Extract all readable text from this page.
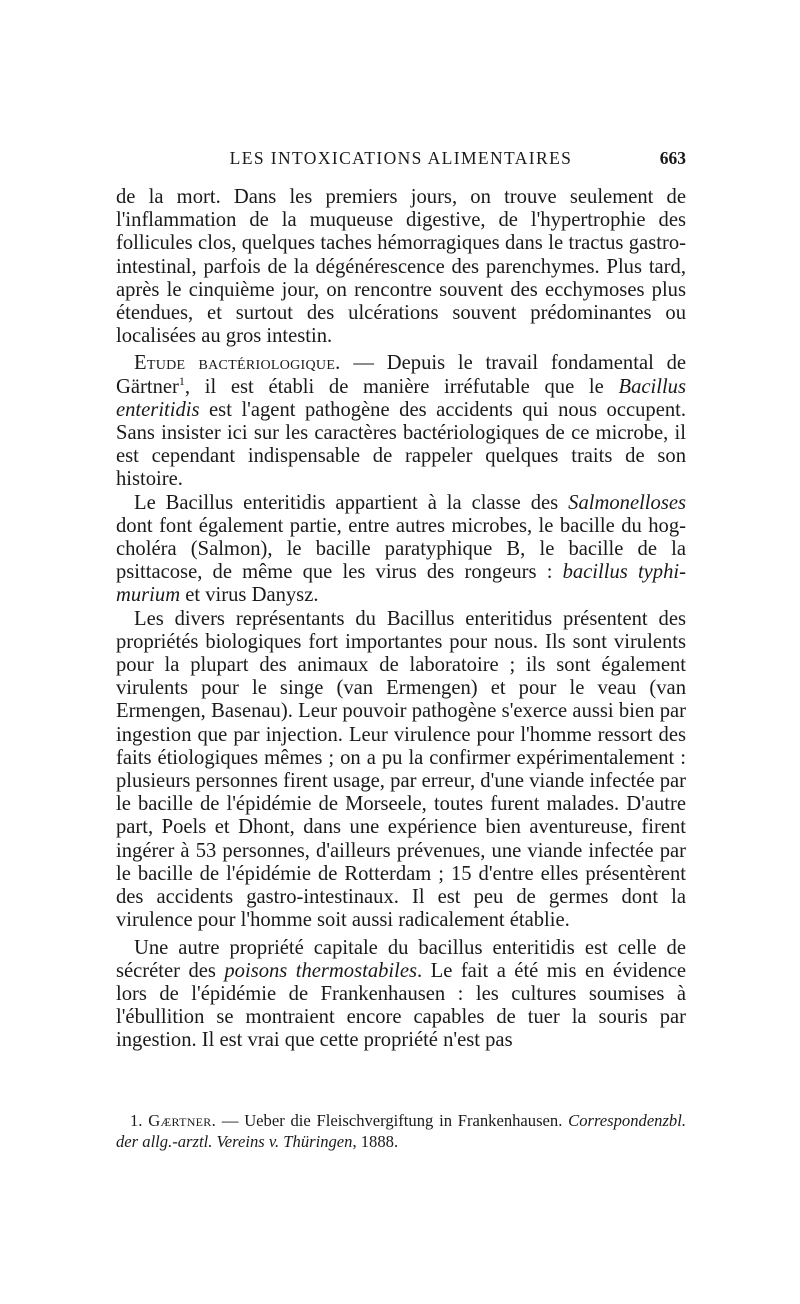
LES INTOXICATIONS ALIMENTAIRES	663

de la mort. Dans les premiers jours, on trouve seulement de l'inflammation de la muqueuse digestive, de l'hypertrophie des follicules clos, quelques taches hémorragiques dans le tractus gastro-intestinal, parfois de la dégénérescence des parenchymes. Plus tard, après le cinquième jour, on rencontre souvent des ecchymoses plus étendues, et surtout des ulcérations souvent prédominantes ou localisées au gros intestin.

Etude bactériologique. — Depuis le travail fondamental de Gärtner$^1$, il est établi de manière irréfutable que le Bacillus enteritidis est l'agent pathogène des accidents qui nous occupent. Sans insister ici sur les caractères bactériologiques de ce microbe, il est cependant indispensable de rappeler quelques traits de son histoire.

Le Bacillus enteritidis appartient à la classe des Salmonelloses dont font également partie, entre autres microbes, le bacille du hog-choléra (Salmon), le bacille paratyphique B, le bacille de la psittacose, de même que les virus des rongeurs : bacillus typhi-murium et virus Danysz.

Les divers représentants du Bacillus enteritidus présentent des propriétés biologiques fort importantes pour nous. Ils sont virulents pour la plupart des animaux de laboratoire ; ils sont également virulents pour le singe (van Ermengen) et pour le veau (van Ermengen, Basenau). Leur pouvoir pathogène s'exerce aussi bien par ingestion que par injection. Leur virulence pour l'homme ressort des faits étiologiques mêmes ; on a pu la confirmer expérimentalement : plusieurs personnes firent usage, par erreur, d'une viande infectée par le bacille de l'épidémie de Morseele, toutes furent malades. D'autre part, Poels et Dhont, dans une expérience bien aventureuse, firent ingérer à 53 personnes, d'ailleurs prévenues, une viande infectée par le bacille de l'épidémie de Rotterdam ; 15 d'entre elles présentèrent des accidents gastro-intestinaux. Il est peu de germes dont la virulence pour l'homme soit aussi radicalement établie.

Une autre propriété capitale du bacillus enteritidis est celle de sécréter des poisons thermostabiles. Le fait a été mis en évidence lors de l'épidémie de Frankenhausen : les cultures soumises à l'ébullition se montraient encore capables de tuer la souris par ingestion. Il est vrai que cette propriété n'est pas

1. Gærtner. — Ueber die Fleischvergiftung in Frankenhausen. Correspondenzbl. der allg.-arztl. Vereins v. Thüringen, 1888.
